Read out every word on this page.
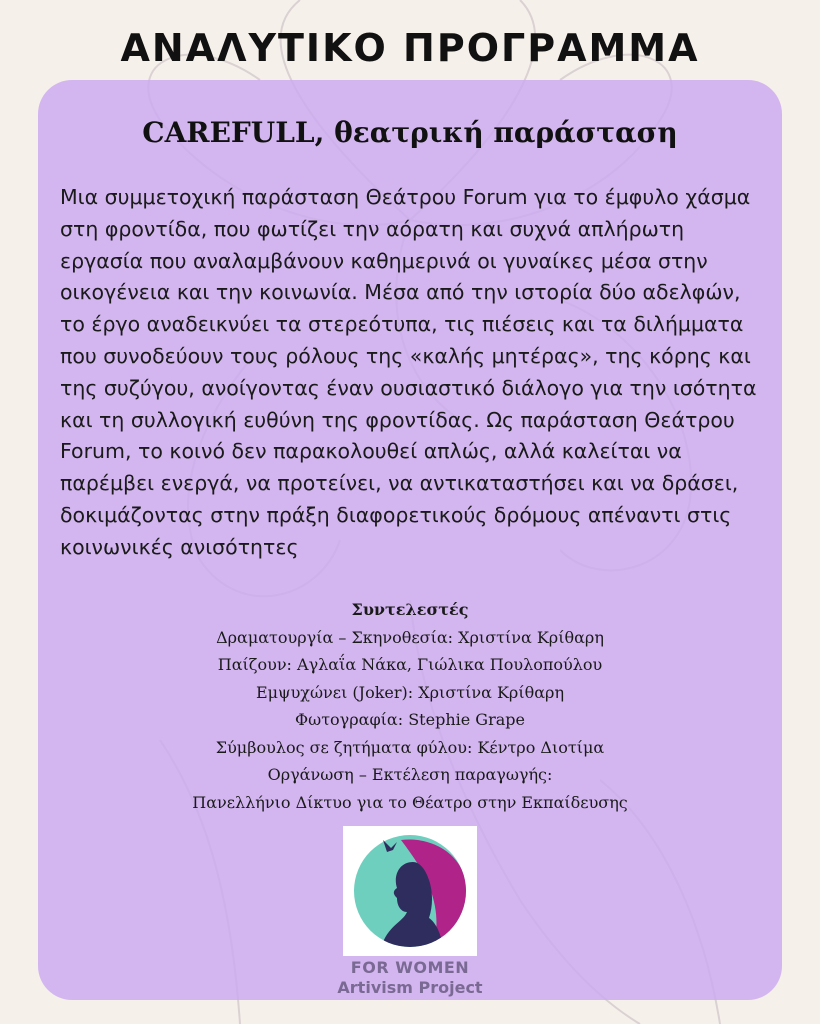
ΑΝΑΛΥΤΙΚΟ ΠΡΟΓΡΑΜΜΑ
CAREFULL, θεατρική παράσταση

Μια συμμετοχική παράσταση Θεάτρου Forum για το έμφυλο χάσμα στη φροντίδα, που φωτίζει την αόρατη και συχνά απλήρωτη εργασία που αναλαμβάνουν καθημερινά οι γυναίκες μέσα στην οικογένεια και την κοινωνία. Μέσα από την ιστορία δύο αδελφών, το έργο αναδεικνύει τα στερεότυπα, τις πιέσεις και τα διλήμματα που συνοδεύουν τους ρόλους της «καλής μητέρας», της κόρης και της συζύγου, ανοίγοντας έναν ουσιαστικό διάλογο για την ισότητα και τη συλλογική ευθύνη της φροντίδας. Ως παράσταση Θεάτρου Forum, το κοινό δεν παρακολουθεί απλώς, αλλά καλείται να παρέμβει ενεργά, να προτείνει, να αντικαταστήσει και να δράσει, δοκιμάζοντας στην πράξη διαφορετικούς δρόμους απέναντι στις κοινωνικές ανισότητες

Συντελεστές

Δραματουργία – Σκηνοθεσία: Χριστίνα Κρίθαρη

Παίζουν: Αγλαΐα Νάκα, Γιώλικα Πουλοπούλου

Εμψυχώνει (Joker): Χριστίνα Κρίθαρη

Φωτογραφία: Stephie Grape

Σύμβουλος σε ζητήματα φύλου: Κέντρο Διοτίμα

Οργάνωση – Εκτέλεση παραγωγής:

Πανελλήνιο Δίκτυο για το Θέατρο στην Εκπαίδευσης

FOR WOMEN
Artivism Project
